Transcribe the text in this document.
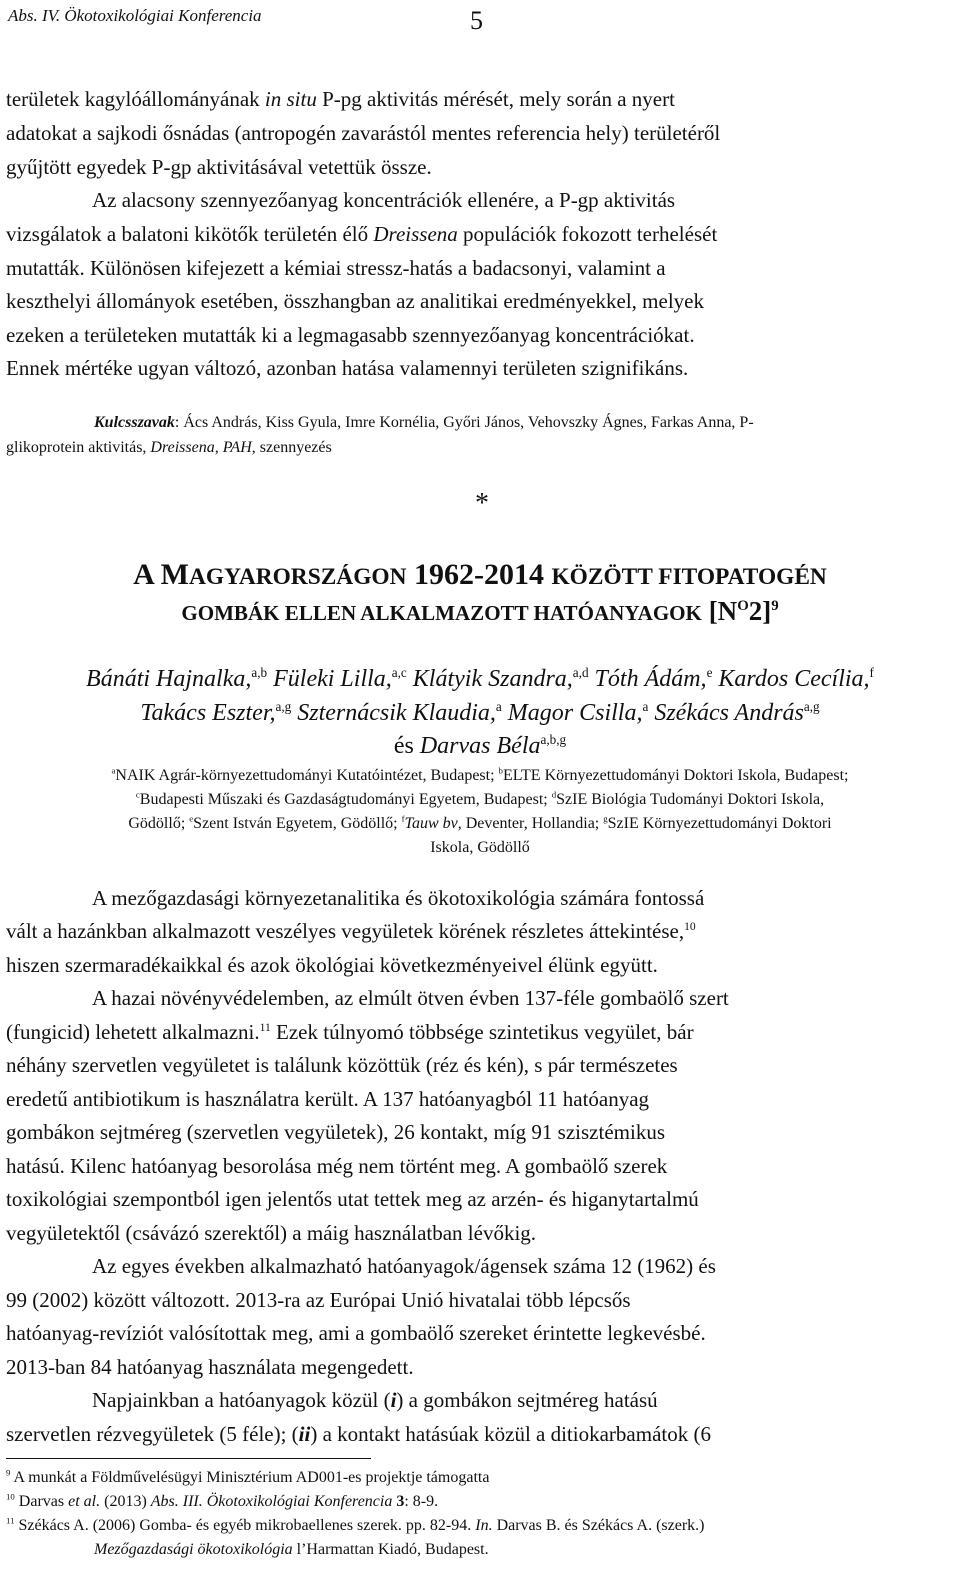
Abs. IV. Ökotoxikológiai Konferencia	5
területek kagylóállományának in situ P-pg aktivitás mérését, mely során a nyert
adatokat a sajkodi ősnádas (antropogén zavarástól mentes referencia hely) területéről
gyűjtött egyedek P-gp aktivitásával vetettük össze.
Az alacsony szennyezőanyag koncentrációk ellenére, a P-gp aktivitás
vizsgálatok a balatoni kikötők területén élő Dreissena populációk fokozott terhelését
mutatták. Különösen kifejezett a kémiai stressz-hatás a badacsonyi, valamint a
keszthelyi állományok esetében, összhangban az analitikai eredményekkel, melyek
ezeken a területeken mutatták ki a legmagasabb szennyezőanyag koncentrációkat.
Ennek mértéke ugyan változó, azonban hatása valamennyi területen szignifikáns.
Kulcsszavak: Ács András, Kiss Gyula, Imre Kornélia, Győri János, Vehovszky Ágnes, Farkas Anna, P-
glikoprotein aktivitás, Dreissena, PAH, szennyezés
*
A MAGYARORSZÁGON 1962-2014 KÖZÖTT FITOPATOGÉN
GOMBÁK ELLEN ALKALMAZOTT HATÓANYAGOK $[N^O2]^9$
Bánáti Hajnalka,$^{a,b}$ Füleki Lilla,$^{a,c}$ Klátyik Szandra,$^{a,d}$ Tóth Ádám,$^e$ Kardos Cecília,$^f$
Takács Eszter,$^{a,g}$ Szternácsik Klaudia,$^a$ Magor Csilla,$^a$ Székács András$^{a,g}$
és Darvas Béla$^{a,b,g}$
$^a$NAIK Agrár-környezettudományi Kutatóintézet, Budapest; $^b$ELTE Környezettudományi Doktori Iskola, Budapest;
$^c$Budapesti Műszaki és Gazdaságtudományi Egyetem, Budapest; $^d$SzIE Biológia Tudományi Doktori Iskola,
Gödöllő; $^e$Szent István Egyetem, Gödöllő; $^f$Tauw bv, Deventer, Hollandia; $^g$SzIE Környezettudományi Doktori
Iskola, Gödöllő
A mezőgazdasági környezetanalitika és ökotoxikológia számára fontossá
vált a hazánkban alkalmazott veszélyes vegyületek körének részletes áttekintése,$^{10}$
hiszen szermaradékaikkal és azok ökológiai következményeivel élünk együtt.
A hazai növényvédelemben, az elmúlt ötven évben 137-féle gombaölő szert
(fungicid) lehetett alkalmazni.$^{11}$ Ezek túlnyomó többsége szintetikus vegyület, bár
néhány szervetlen vegyületet is találunk közöttük (réz és kén), s pár természetes
eredetű antibiotikum is használatra került. A 137 hatóanyagból 11 hatóanyag
gombákon sejtméreg (szervetlen vegyületek), 26 kontakt, míg 91 szisztémikus
hatású. Kilenc hatóanyag besorolása még nem történt meg. A gombaölő szerek
toxikológiai szempontból igen jelentős utat tettek meg az arzén- és higanytartalmú
vegyületektől (csávázó szerektől) a máig használatban lévőkig.
Az egyes években alkalmazható hatóanyagok/ágensek száma 12 (1962) és
99 (2002) között változott. 2013-ra az Európai Unió hivatalai több lépcsős
hatóanyag-revíziót valósítottak meg, ami a gombaölő szereket érintette legkevésbé.
2013-ban 84 hatóanyag használata megengedett.
Napjainkban a hatóanyagok közül (i) a gombákon sejtméreg hatású
szervetlen rézvegyületek (5 féle); (ii) a kontakt hatásúak közül a ditiokarbamátok (6
$^9$ A munkát a Földművelésügyi Minisztérium AD001-es projektje támogatta
$^{10}$ Darvas et al. (2013) Abs. III. Ökotoxikológiai Konferencia 3: 8-9.
$^{11}$ Székács A. (2006) Gomba- és egyéb mikrobaellenes szerek. pp. 82-94. In. Darvas B. és Székács A. (szerk.)
Mezőgazdasági ökotoxikológia l’Harmattan Kiadó, Budapest.
